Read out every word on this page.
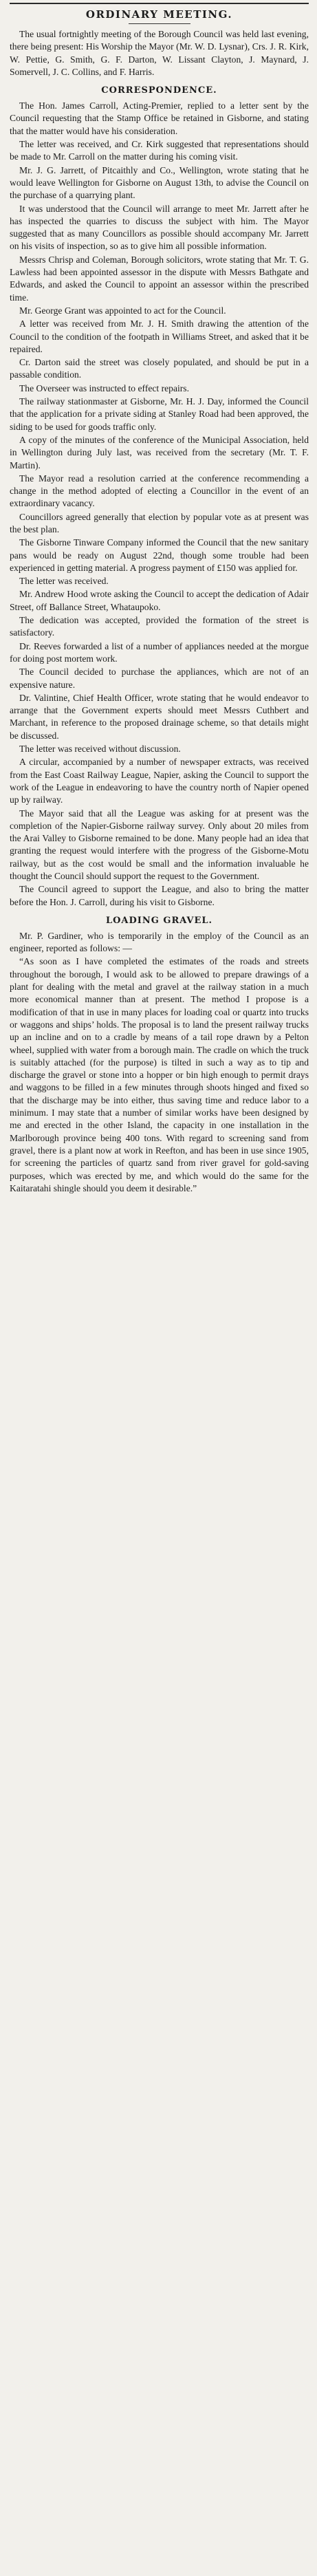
ORDINARY MEETING.

The usual fortnightly meeting of the Borough Council was held last evening, there being present: His Worship the Mayor (Mr. W. D. Lysnar), Crs. J. R. Kirk, W. Pettie, G. Smith, G. F. Darton, W. Lissant Clayton, J. Maynard, J. Somervell, J. C. Collins, and F. Harris.

CORRESPONDENCE.

The Hon. James Carroll, Acting-Premier, replied to a letter sent by the Council requesting that the Stamp Office be retained in Gisborne, and stating that the matter would have his consideration.

The letter was received, and Cr. Kirk suggested that representations should be made to Mr. Carroll on the matter during his coming visit.

Mr. J. G. Jarrett, of Pitcaithly and Co., Wellington, wrote stating that he would leave Wellington for Gisborne on August 13th, to advise the Council on the purchase of a quarrying plant.

It was understood that the Council will arrange to meet Mr. Jarrett after he has inspected the quarries to discuss the subject with him. The Mayor suggested that as many Councillors as possible should accompany Mr. Jarrett on his visits of inspection, so as to give him all possible information.

Messrs Chrisp and Coleman, Borough solicitors, wrote stating that Mr. T. G. Lawless had been appointed assessor in the dispute with Messrs Bathgate and Edwards, and asked the Council to appoint an assessor within the prescribed time.

Mr. George Grant was appointed to act for the Council.

A letter was received from Mr. J. H. Smith drawing the attention of the Council to the condition of the footpath in Williams Street, and asked that it be repaired.

Cr. Darton said the street was closely populated, and should be put in a passable condition.

The Overseer was instructed to effect repairs.

The railway stationmaster at Gisborne, Mr. H. J. Day, informed the Council that the application for a private siding at Stanley Road had been approved, the siding to be used for goods traffic only.

A copy of the minutes of the conference of the Municipal Association, held in Wellington during July last, was received from the secretary (Mr. T. F. Martin).

The Mayor read a resolution carried at the conference recommending a change in the method adopted of electing a Councillor in the event of an extraordinary vacancy.

Councillors agreed generally that election by popular vote as at present was the best plan.

The Gisborne Tinware Company informed the Council that the new sanitary pans would be ready on August 22nd, though some trouble had been experienced in getting material. A progress payment of £150 was applied for.

The letter was received.

Mr. Andrew Hood wrote asking the Council to accept the dedication of Adair Street, off Ballance Street, Whataupoko.

The dedication was accepted, provided the formation of the street is satisfactory.

Dr. Reeves forwarded a list of a number of appliances needed at the morgue for doing post mortem work.

The Council decided to purchase the appliances, which are not of an expensive nature.

Dr. Valintine, Chief Health Officer, wrote stating that he would endeavor to arrange that the Government experts should meet Messrs Cuthbert and Marchant, in reference to the proposed drainage scheme, so that details might be discussed.

The letter was received without discussion.

A circular, accompanied by a number of newspaper extracts, was received from the East Coast Railway League, Napier, asking the Council to support the work of the League in endeavoring to have the country north of Napier opened up by railway.

The Mayor said that all the League was asking for at present was the completion of the Napier-Gisborne railway survey. Only about 20 miles from the Arai Valley to Gisborne remained to be done. Many people had an idea that granting the request would interfere with the progress of the Gisborne-Motu railway, but as the cost would be small and the information invaluable he thought the Council should support the request to the Government.

The Council agreed to support the League, and also to bring the matter before the Hon. J. Carroll, during his visit to Gisborne.

LOADING GRAVEL.

Mr. P. Gardiner, who is temporarily in the employ of the Council as an engineer, reported as follows: —

“As soon as I have completed the estimates of the roads and streets throughout the borough, I would ask to be allowed to prepare drawings of a plant for dealing with the metal and gravel at the railway station in a much more economical manner than at present. The method I propose is a modification of that in use in many places for loading coal or quartz into trucks or waggons and ships’ holds. The proposal is to land the present railway trucks up an incline and on to a cradle by means of a tail rope drawn by a Pelton wheel, supplied with water from a borough main. The cradle on which the truck is suitably attached (for the purpose) is tilted in such a way as to tip and discharge the gravel or stone into a hopper or bin high enough to permit drays and waggons to be filled in a few minutes through shoots hinged and fixed so that the discharge may be into either, thus saving time and reduce labor to a minimum. I may state that a number of similar works have been designed by me and erected in the other Island, the capacity in one installation in the Marlborough province being 400 tons. With regard to screening sand from gravel, there is a plant now at work in Reefton, and has been in use since 1905, for screening the particles of quartz sand from river gravel for gold-saving purposes, which was erected by me, and which would do the same for the Kaitaratahi shingle should you deem it desirable.”
